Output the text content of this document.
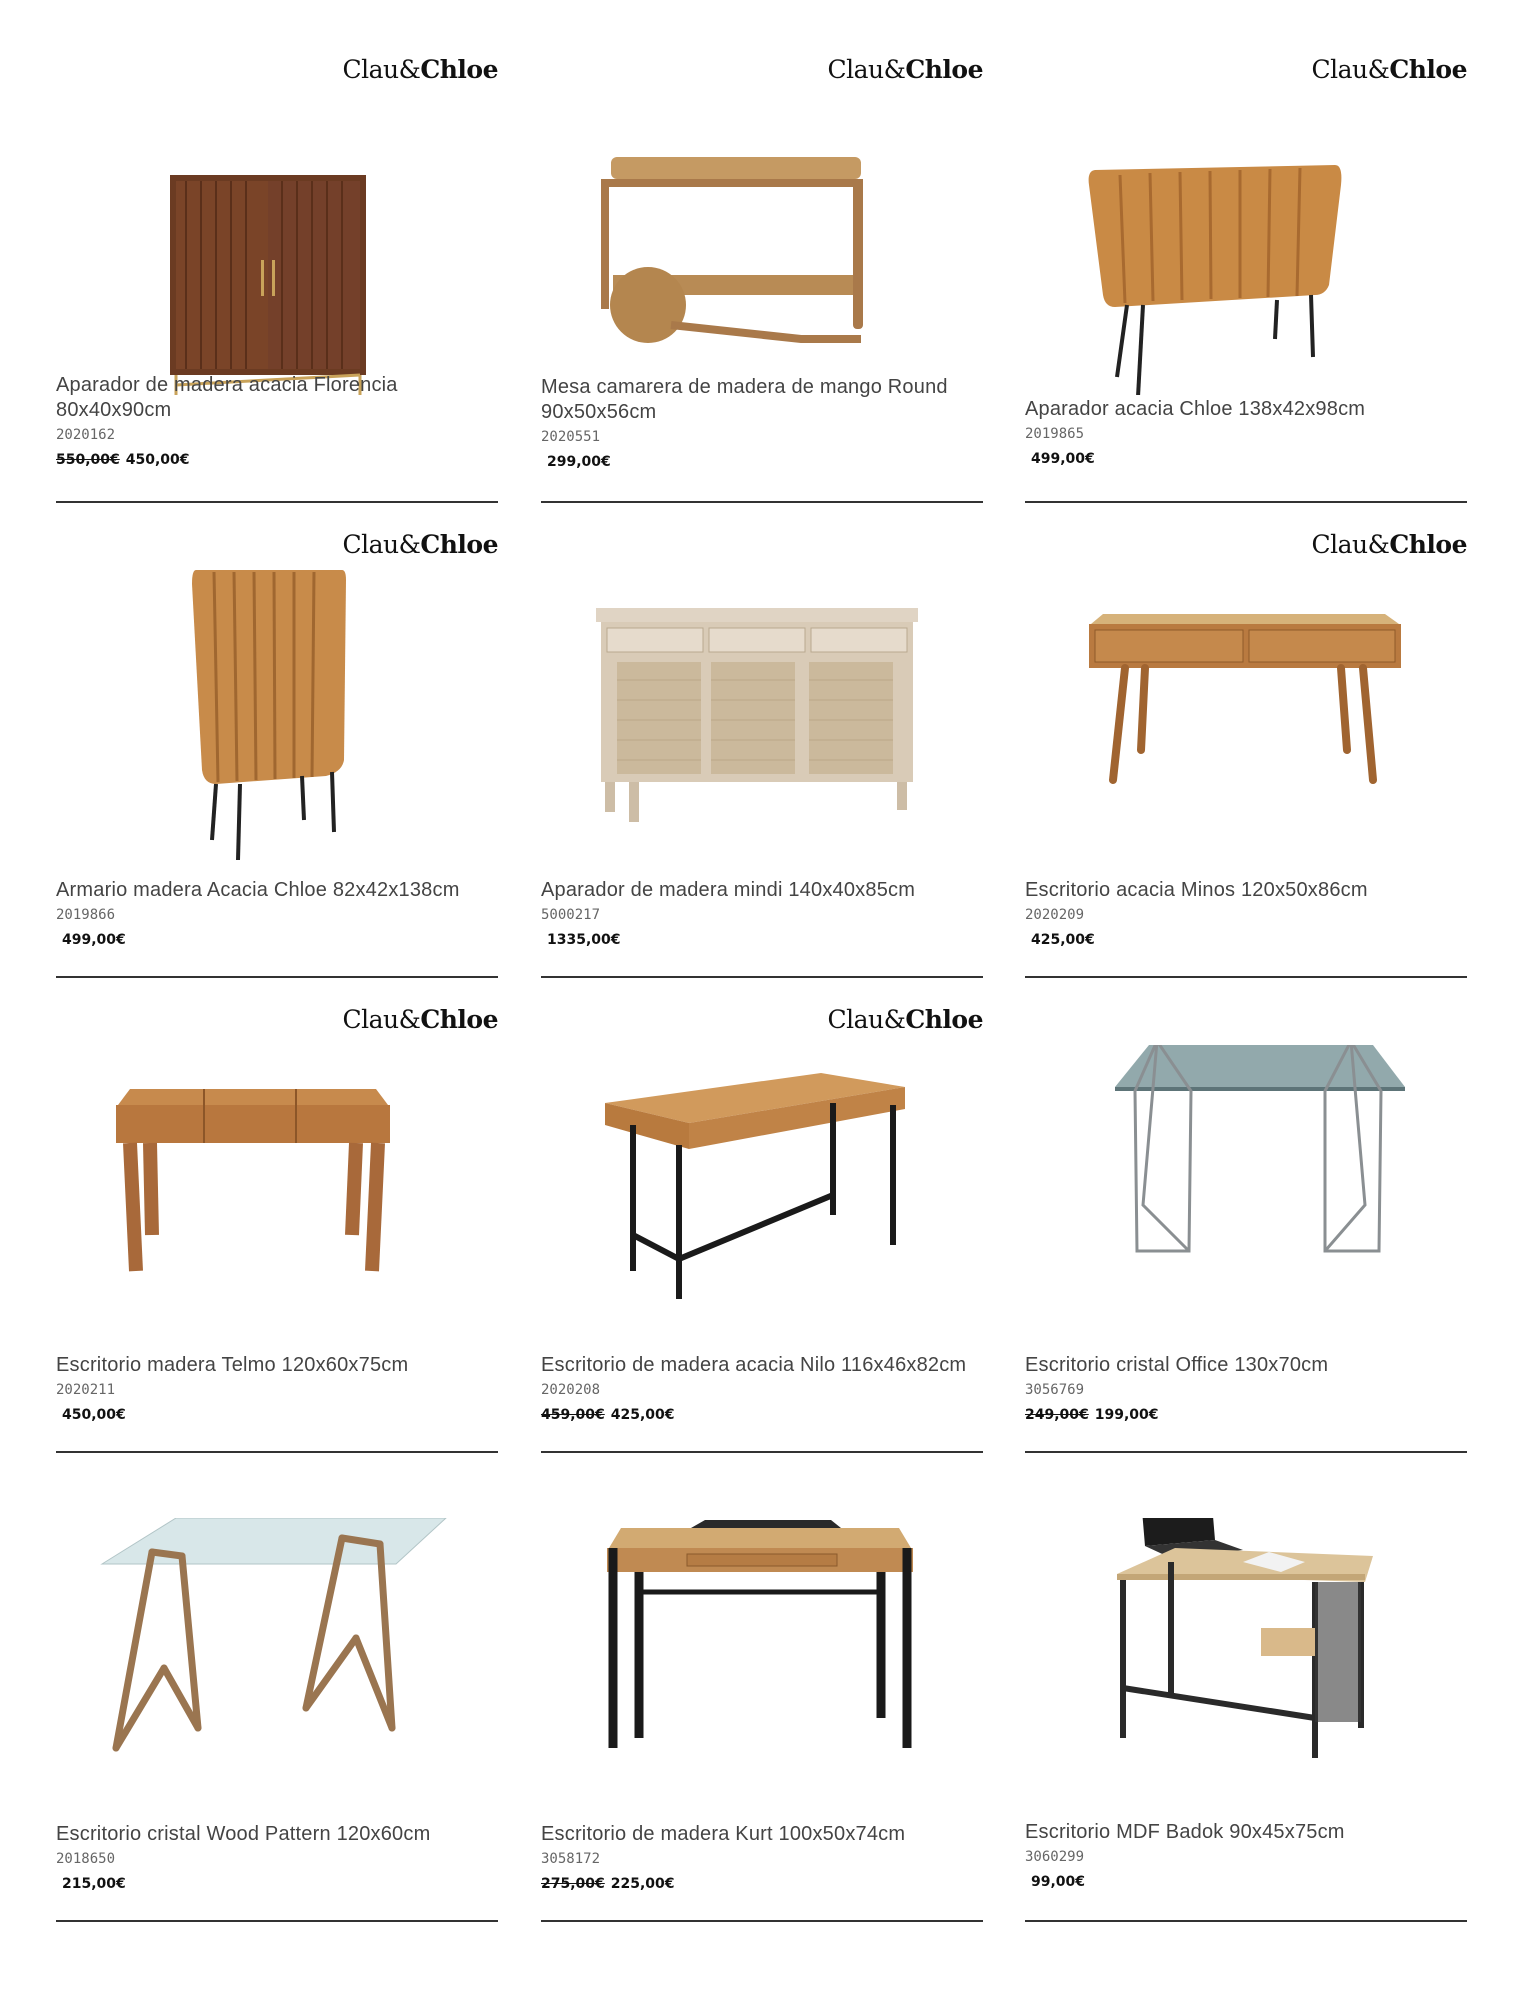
Clau&Chloe
Aparador de madera acacia Florencia 80x40x90cm
2020162
550,00€ 450,00€
Clau&Chloe
Mesa camarera de madera de mango Round 90x50x56cm
2020551
299,00€
Clau&Chloe
Aparador acacia Chloe 138x42x98cm
2019865
499,00€
Clau&Chloe
Armario madera Acacia Chloe 82x42x138cm
2019866
499,00€
Aparador de madera mindi 140x40x85cm
5000217
1335,00€
Clau&Chloe
Escritorio acacia Minos 120x50x86cm
2020209
425,00€
Clau&Chloe
Escritorio madera Telmo 120x60x75cm
2020211
450,00€
Clau&Chloe
Escritorio de madera acacia Nilo 116x46x82cm
2020208
459,00€ 425,00€
Escritorio cristal Office 130x70cm
3056769
249,00€ 199,00€
Escritorio cristal Wood Pattern 120x60cm
2018650
215,00€
Escritorio de madera Kurt 100x50x74cm
3058172
275,00€ 225,00€
Escritorio MDF Badok 90x45x75cm
3060299
99,00€
